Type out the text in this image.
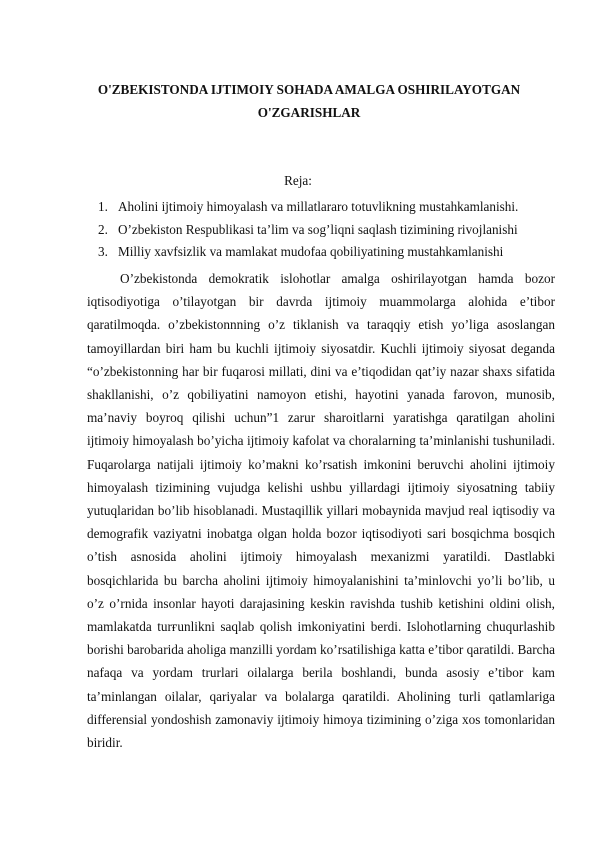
O'ZBEKISTONDA IJTIMOIY SOHADA AMALGA OSHIRILAYOTGAN O'ZGARISHLAR

Reja:

1. Aholini ijtimoiy himoyalash va millatlararo totuvlikning mustahkamlanishi.
2. O’zbekiston Respublikasi ta’lim va sog’liqni saqlash tizimining rivojlanishi
3. Milliy xavfsizlik va mamlakat mudofaa qobiliyatining mustahkamlanishi

O’zbekistonda demokratik islohotlar amalga oshirilayotgan hamda bozor iqtisodiyotiga o’tilayotgan bir davrda ijtimoiy muammolarga alohida e’tibor qaratilmoqda. o’zbekistonnning o’z tiklanish va taraqqiy etish yo’liga asoslangan tamoyillardan biri ham bu kuchli ijtimoiy siyosatdir. Kuchli ijtimoiy siyosat deganda “o’zbekistonning har bir fuqarosi millati, dini va e’tiqodidan qat’iy nazar shaxs sifatida shakllanishi, o’z qobiliyatini namoyon etishi, hayotini yanada farovon, munosib, ma’naviy boyroq qilishi uchun”1 zarur sharoitlarni yaratishga qaratilgan aholini ijtimoiy himoyalash bo’yicha ijtimoiy kafolat va choralarning ta’minlanishi tushuniladi. Fuqarolarga natijali ijtimoiy ko’makni ko’rsatish imkonini beruvchi aholini ijtimoiy himoyalash tizimining vujudga kelishi ushbu yillardagi ijtimoiy siyosatning tabiiy yutuqlaridan bo’lib hisoblanadi. Mustaqillik yillari mobaynida mavjud real iqtisodiy va demografik vaziyatni inobatga olgan holda bozor iqtisodiyoti sari bosqichma bosqich o’tish asnosida aholini ijtimoiy himoyalash mexanizmi yaratildi. Dastlabki bosqichlarida bu barcha aholini ijtimoiy himoyalanishini ta’minlovchi yo’li bo’lib, u o’z o’rnida insonlar hayoti darajasining keskin ravishda tushib ketishini oldini olish, mamlakatda turғunlikni saqlab qolish imkoniyatini berdi. Islohotlarning chuqurlashib borishi barobarida aholiga manzilli yordam ko’rsatilishiga katta e’tibor qaratildi. Barcha nafaqa va yordam trurlari oilalarga berila boshlandi, bunda asosiy e’tibor kam ta’minlangan oilalar, qariyalar va bolalarga qaratildi. Aholining turli qatlamlariga differensial yondoshish zamonaviy ijtimoiy himoya tizimining o’ziga xos tomonlaridan biridir.
